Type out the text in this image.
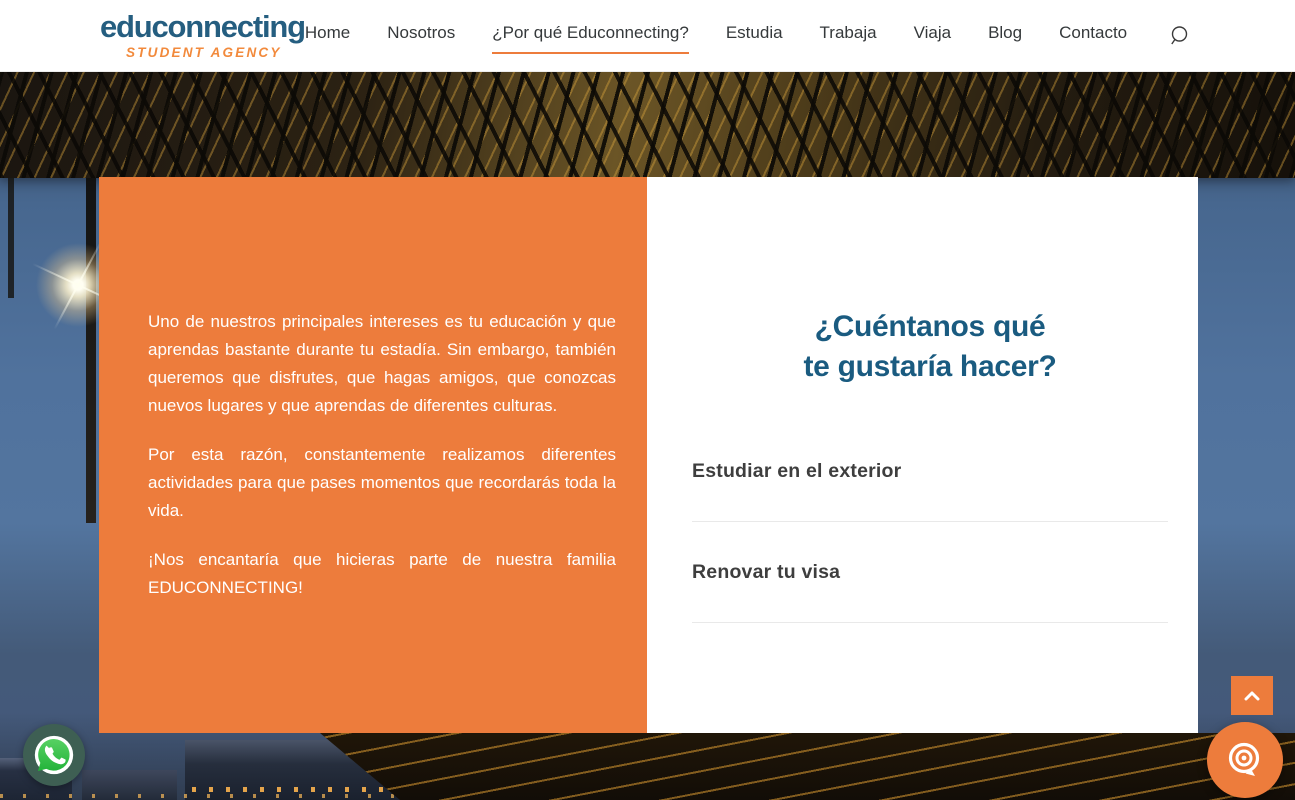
educonnecting
STUDENT AGENCY
Home Nosotros ¿Por qué Educonnecting? Estudia Trabaja Viaja Blog Contacto

Uno de nuestros principales intereses es tu educación y que aprendas bastante durante tu estadía. Sin embargo, también queremos que disfrutes, que hagas amigos, que conozcas nuevos lugares y que aprendas de diferentes culturas.

Por esta razón, constantemente realizamos diferentes actividades para que pases momentos que recordarás toda la vida.

¡Nos encantaría que hicieras parte de nuestra familia EDUCONNECTING!

¿Cuéntanos qué
te gustaría hacer?
Estudiar en el exterior
Renovar tu visa
